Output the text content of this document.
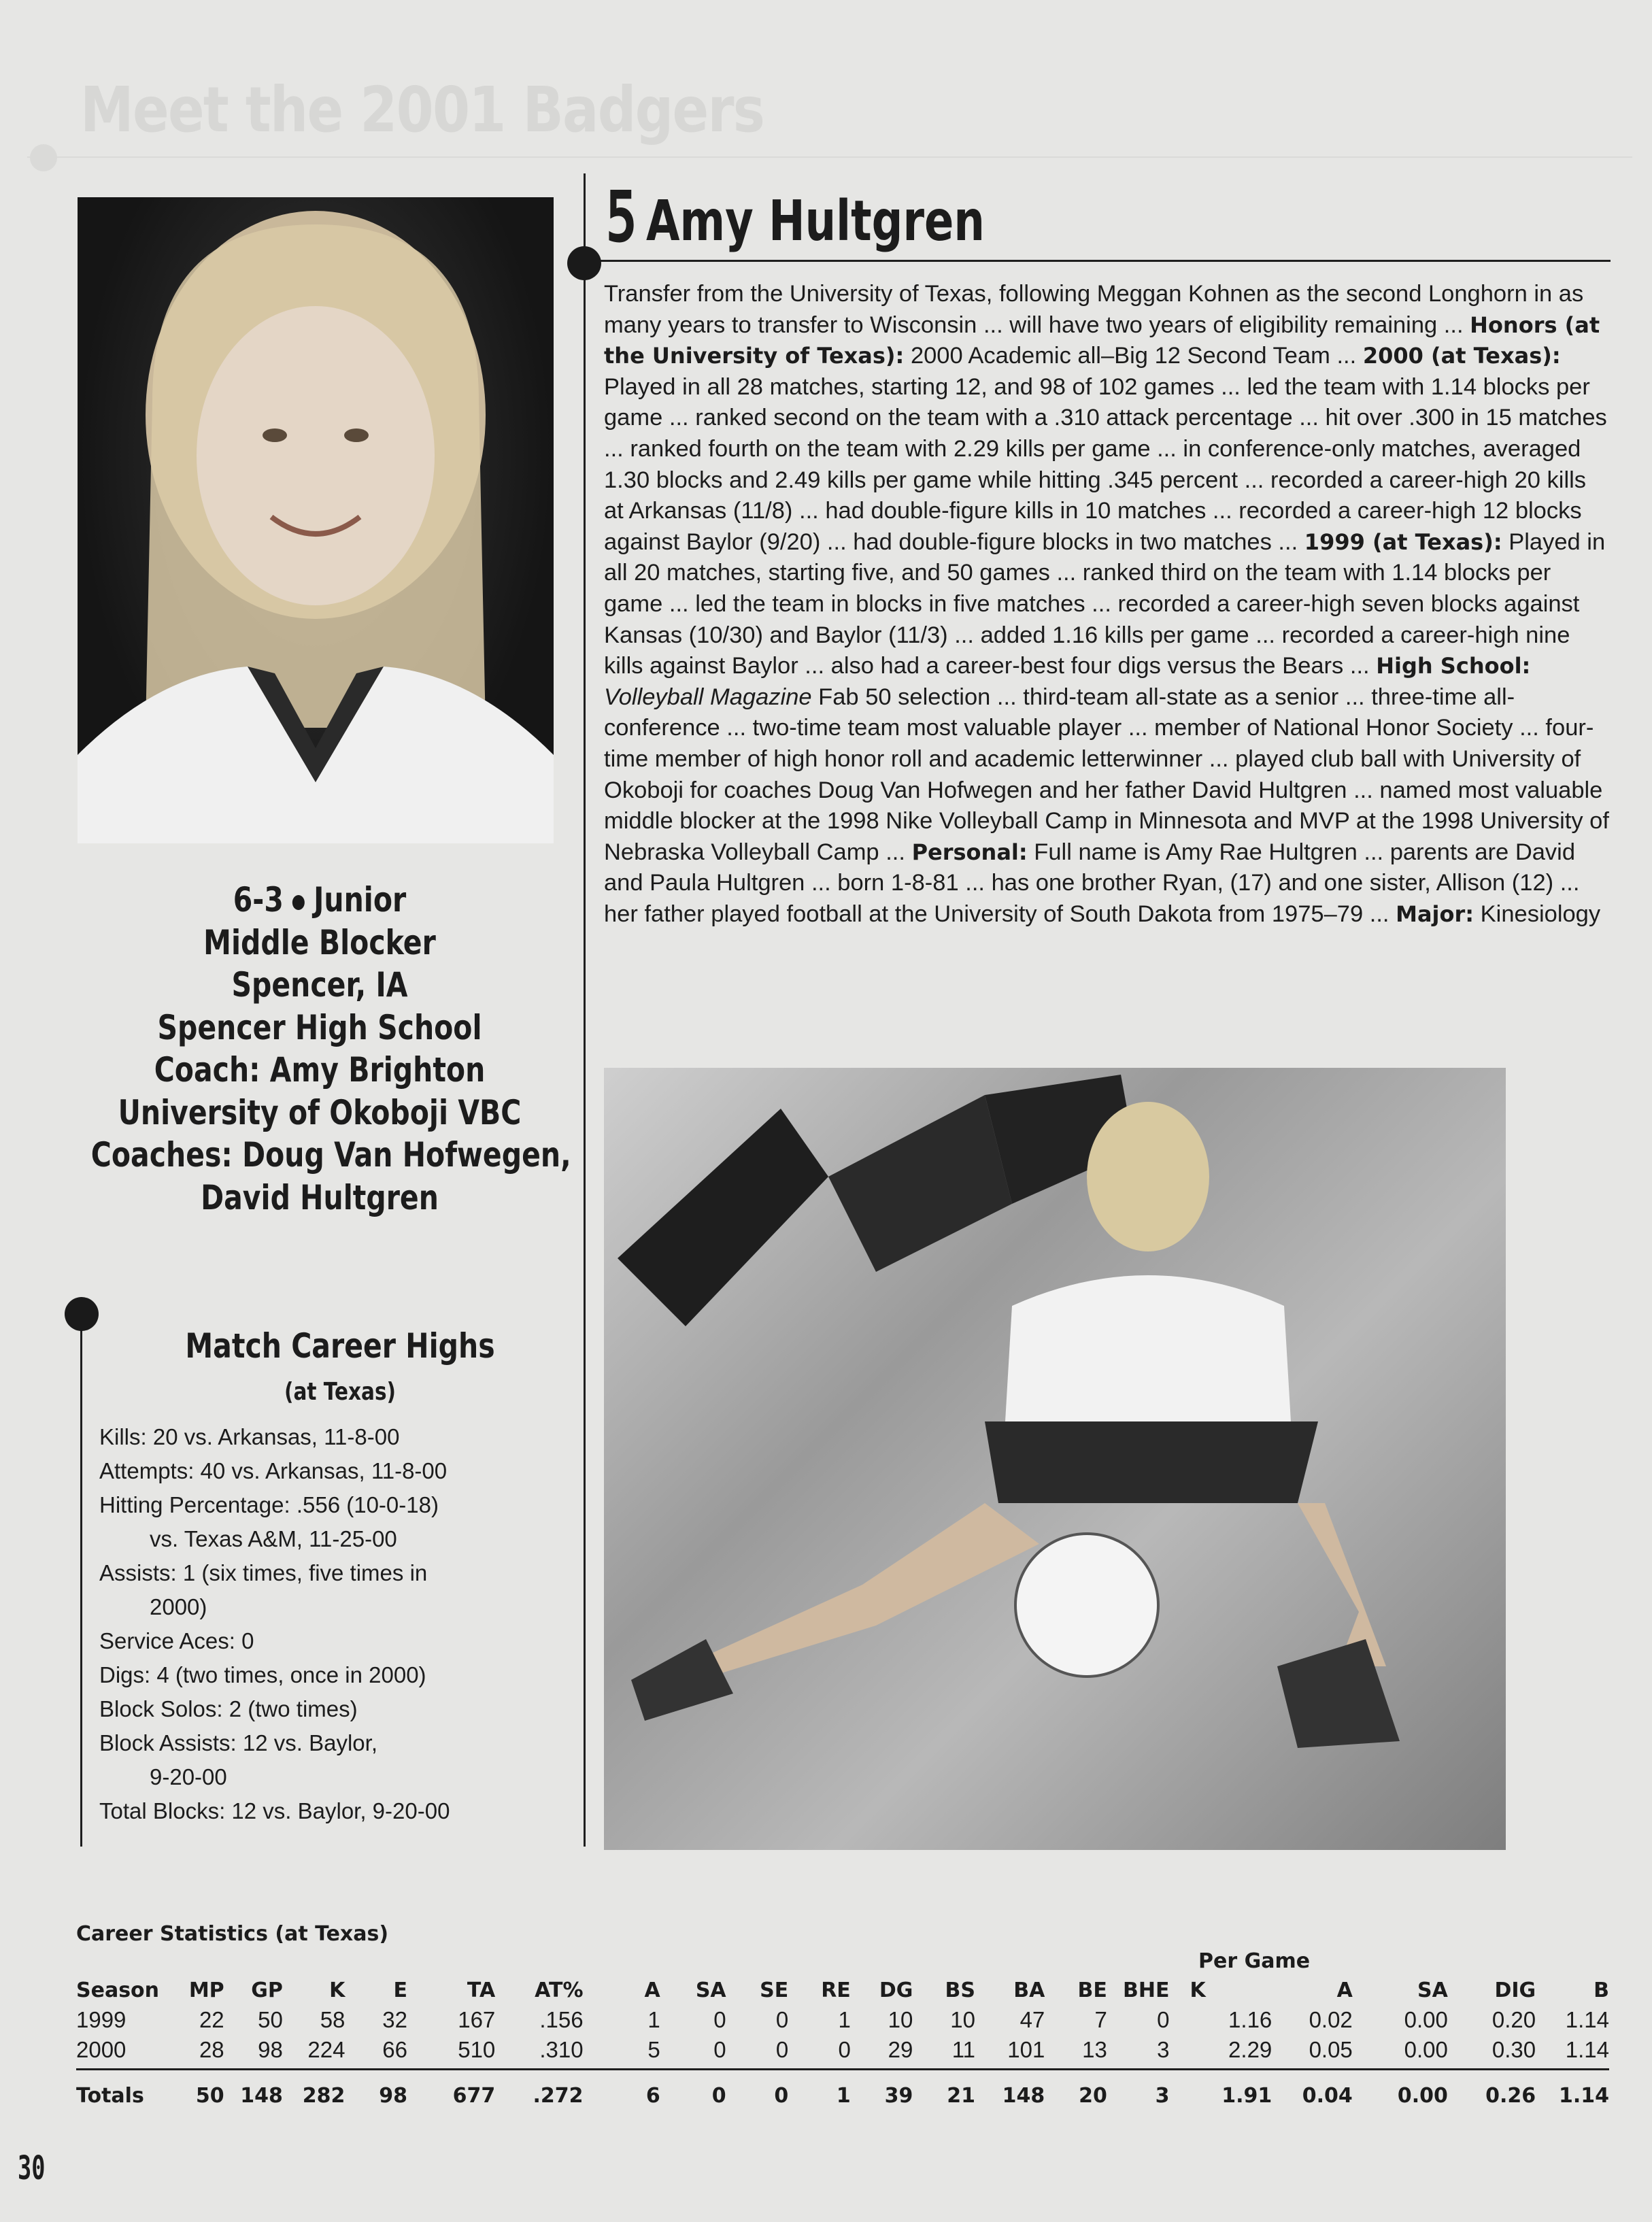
Meet the 2001 Badgers
5 Amy Hultgren
Transfer from the University of Texas, following Meggan Kohnen as the second Longhorn in as many years to transfer to Wisconsin ... will have two years of eligibility remaining ... Honors (at the University of Texas): 2000 Academic all–Big 12 Second Team ... 2000 (at Texas): Played in all 28 matches, starting 12, and 98 of 102 games ... led the team with 1.14 blocks per game ... ranked second on the team with a .310 attack percentage ... hit over .300 in 15 matches ... ranked fourth on the team with 2.29 kills per game ... in conference-only matches, averaged 1.30 blocks and 2.49 kills per game while hitting .345 percent ... recorded a career-high 20 kills at Arkansas (11/8) ... had double-figure kills in 10 matches ... recorded a career-high 12 blocks against Baylor (9/20) ... had double-figure blocks in two matches ... 1999 (at Texas): Played in all 20 matches, starting five, and 50 games ... ranked third on the team with 1.14 blocks per game ... led the team in blocks in five matches ... recorded a career-high seven blocks against Kansas (10/30) and Baylor (11/3) ... added 1.16 kills per game ... recorded a career-high nine kills against Baylor ... also had a career-best four digs versus the Bears ... High School: Volleyball Magazine Fab 50 selection ... third-team all-state as a senior ... three-time all-conference ... two-time team most valuable player ... member of National Honor Society ... four-time member of high honor roll and academic letterwinner ... played club ball with University of Okoboji for coaches Doug Van Hofwegen and her father David Hultgren ... named most valuable middle blocker at the 1998 Nike Volleyball Camp in Minnesota and MVP at the 1998 University of Nebraska Volleyball Camp ... Personal: Full name is Amy Rae Hultgren ... parents are David and Paula Hultgren ... born 1-8-81 ... has one brother Ryan, (17) and one sister, Allison (12) ... her father played football at the University of South Dakota from 1975–79 ... Major: Kinesiology
6-3 Junior
Middle Blocker
Spencer, IA
Spencer High School
Coach: Amy Brighton
University of Okoboji VBC
Coaches: Doug Van Hofwegen,
David Hultgren
Match Career Highs
(at Texas)
Kills: 20 vs. Arkansas, 11-8-00
Attempts: 40 vs. Arkansas, 11-8-00
Hitting Percentage: .556 (10-0-18)
vs. Texas A&M, 11-25-00
Assists: 1 (six times, five times in
2000)
Service Aces: 0
Digs: 4 (two times, once in 2000)
Block Solos: 2 (two times)
Block Assists: 12 vs. Baylor,
9-20-00
Total Blocks: 12 vs. Baylor, 9-20-00
Career Statistics (at Texas)
Per Game
Season	MP	GP	K	E	TA	AT%	A	SA	SE	RE	DG	BS	BA	BE	BHE	K	A	SA	DIG	B
1999	22	50	58	32	167	.156	1	0	0	1	10	10	47	7	0	1.16	0.02	0.00	0.20	1.14
2000	28	98	224	66	510	.310	5	0	0	0	29	11	101	13	3	2.29	0.05	0.00	0.30	1.14
Totals	50	148	282	98	677	.272	6	0	0	1	39	21	148	20	3	1.91	0.04	0.00	0.26	1.14
30
